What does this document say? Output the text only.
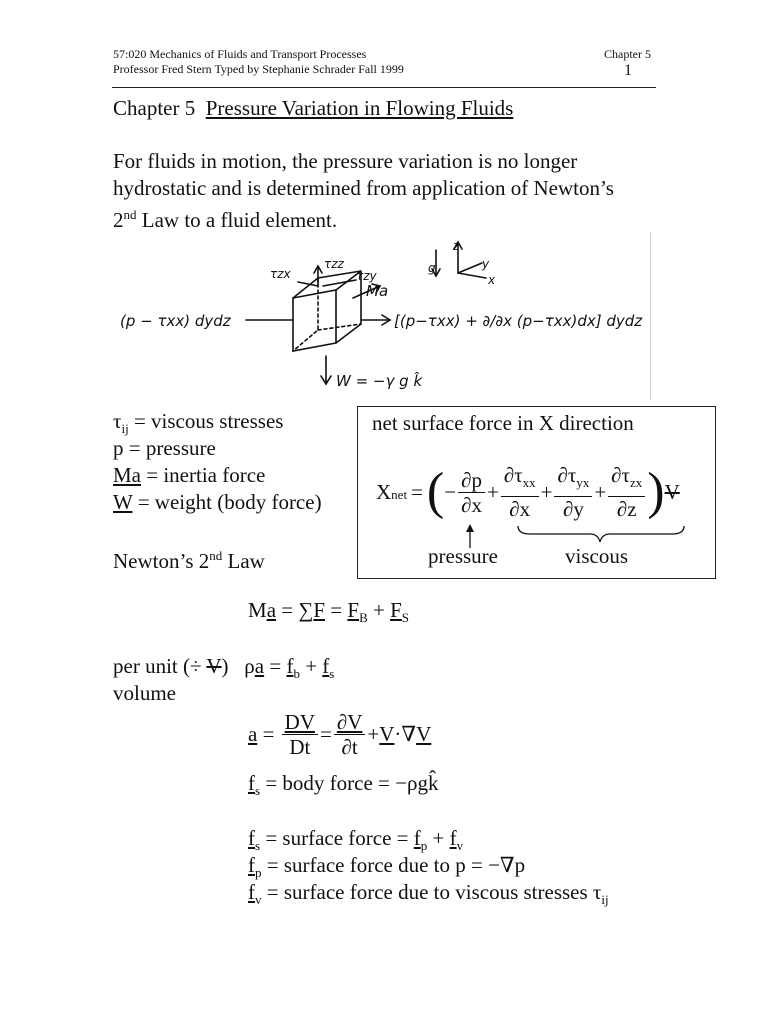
57:020 Mechanics of Fluids and Transport Processes
Professor Fred Stern Typed by Stephanie Schrader Fall 1999
Chapter 5
1
Chapter 5 Pressure Variation in Flowing Fluids
For fluids in motion, the pressure variation is no longer
hydrostatic and is determined from application of Newton’s
2nd Law to a fluid element.
(p − τxx) dydz	[(p−τxx) + ∂/∂x (p−τxx)dx] dydz
Ma
W = −γ g k̂
τzx
τzz
τzy
z
y
x
g
$\tau_{ij}$ = viscous stresses
p = pressure
Ma = inertia force
W = weight (body force)
net surface force in X direction
X net = ( − $\frac{\partial p}{\partial x} + \frac{\partial\tau_{xx}}{\partial x} + \frac{\partial\tau_{yx}}{\partial y} + \frac{\partial\tau_{zx}}{\partial z}$ ) V
pressure	viscous
Newton’s 2nd Law
$Ma = \sum F = F_B + F_S$
per unit (÷ V) $\rho a = f_b + f_s$
volume
$a = \frac{DV}{Dt} = \frac{\partial V}{\partial t} + V$ ·∇ V
$f_s$ = body force = −ρgk̂
$f_s$ = surface force = $f_p + f_v$
$f_p$ = surface force due to p = −∇p
$f_v$ = surface force due to viscous stresses $\tau_{ij}$
